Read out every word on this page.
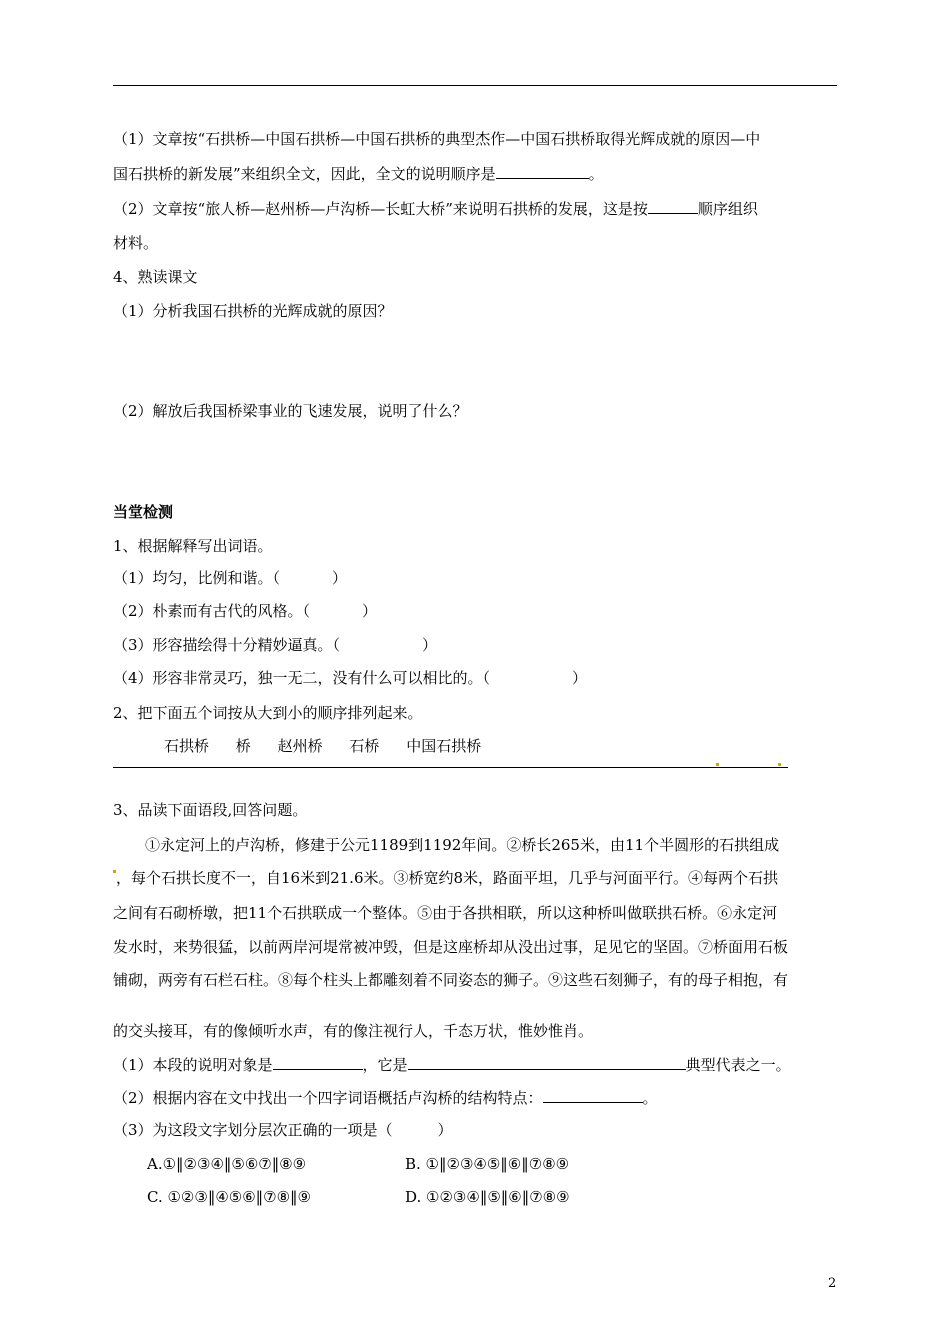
（1）文章按“石拱桥—中国石拱桥—中国石拱桥的典型杰作—中国石拱桥取得光辉成就的原因—中
国石拱桥的新发展”来组织全文，因此，全文的说明顺序是	。
（2）文章按“旅人桥—赵州桥—卢沟桥—长虹大桥”来说明石拱桥的发展，这是按	顺序组织
材料。
4、熟读课文
（1）分析我国石拱桥的光辉成就的原因？
（2）解放后我国桥梁事业的飞速发展，说明了什么？
当堂检测
1、根据解释写出词语。
（1）均匀，比例和谐。（	）
（2）朴素而有古代的风格。（	）
（3）形容描绘得十分精妙逼真。（	）
（4）形容非常灵巧，独一无二，没有什么可以相比的。（	）
2、把下面五个词按从大到小的顺序排列起来。
石拱桥 桥 赵州桥 石桥 中国石拱桥
3、品读下面语段,回答问题。
①永定河上的卢沟桥，修建于公元1189到1192年间。②桥长265米，由11个半圆形的石拱组成
，每个石拱长度不一，自16米到21.6米。③桥宽约8米，路面平坦，几乎与河面平行。④每两个石拱
之间有石砌桥墩，把11个石拱联成一个整体。⑤由于各拱相联，所以这种桥叫做联拱石桥。⑥永定河
发水时，来势很猛，以前两岸河堤常被冲毁，但是这座桥却从没出过事，足见它的坚固。⑦桥面用石板
铺砌，两旁有石栏石柱。⑧每个柱头上都雕刻着不同姿态的狮子。⑨这些石刻狮子，有的母子相抱，有
的交头接耳，有的像倾听水声，有的像注视行人，千态万状，惟妙惟肖。
（1）本段的说明对象是	，它是	典型代表之一。
（2）根据内容在文中找出一个四字词语概括卢沟桥的结构特点：	。
（3）为这段文字划分层次正确的一项是（　　　）
A.①‖②③④‖⑤⑥⑦‖⑧⑨	B. ①‖②③④⑤‖⑥‖⑦⑧⑨
C. ①②③‖④⑤⑥‖⑦⑧‖⑨	D. ①②③④‖⑤‖⑥‖⑦⑧⑨
2
